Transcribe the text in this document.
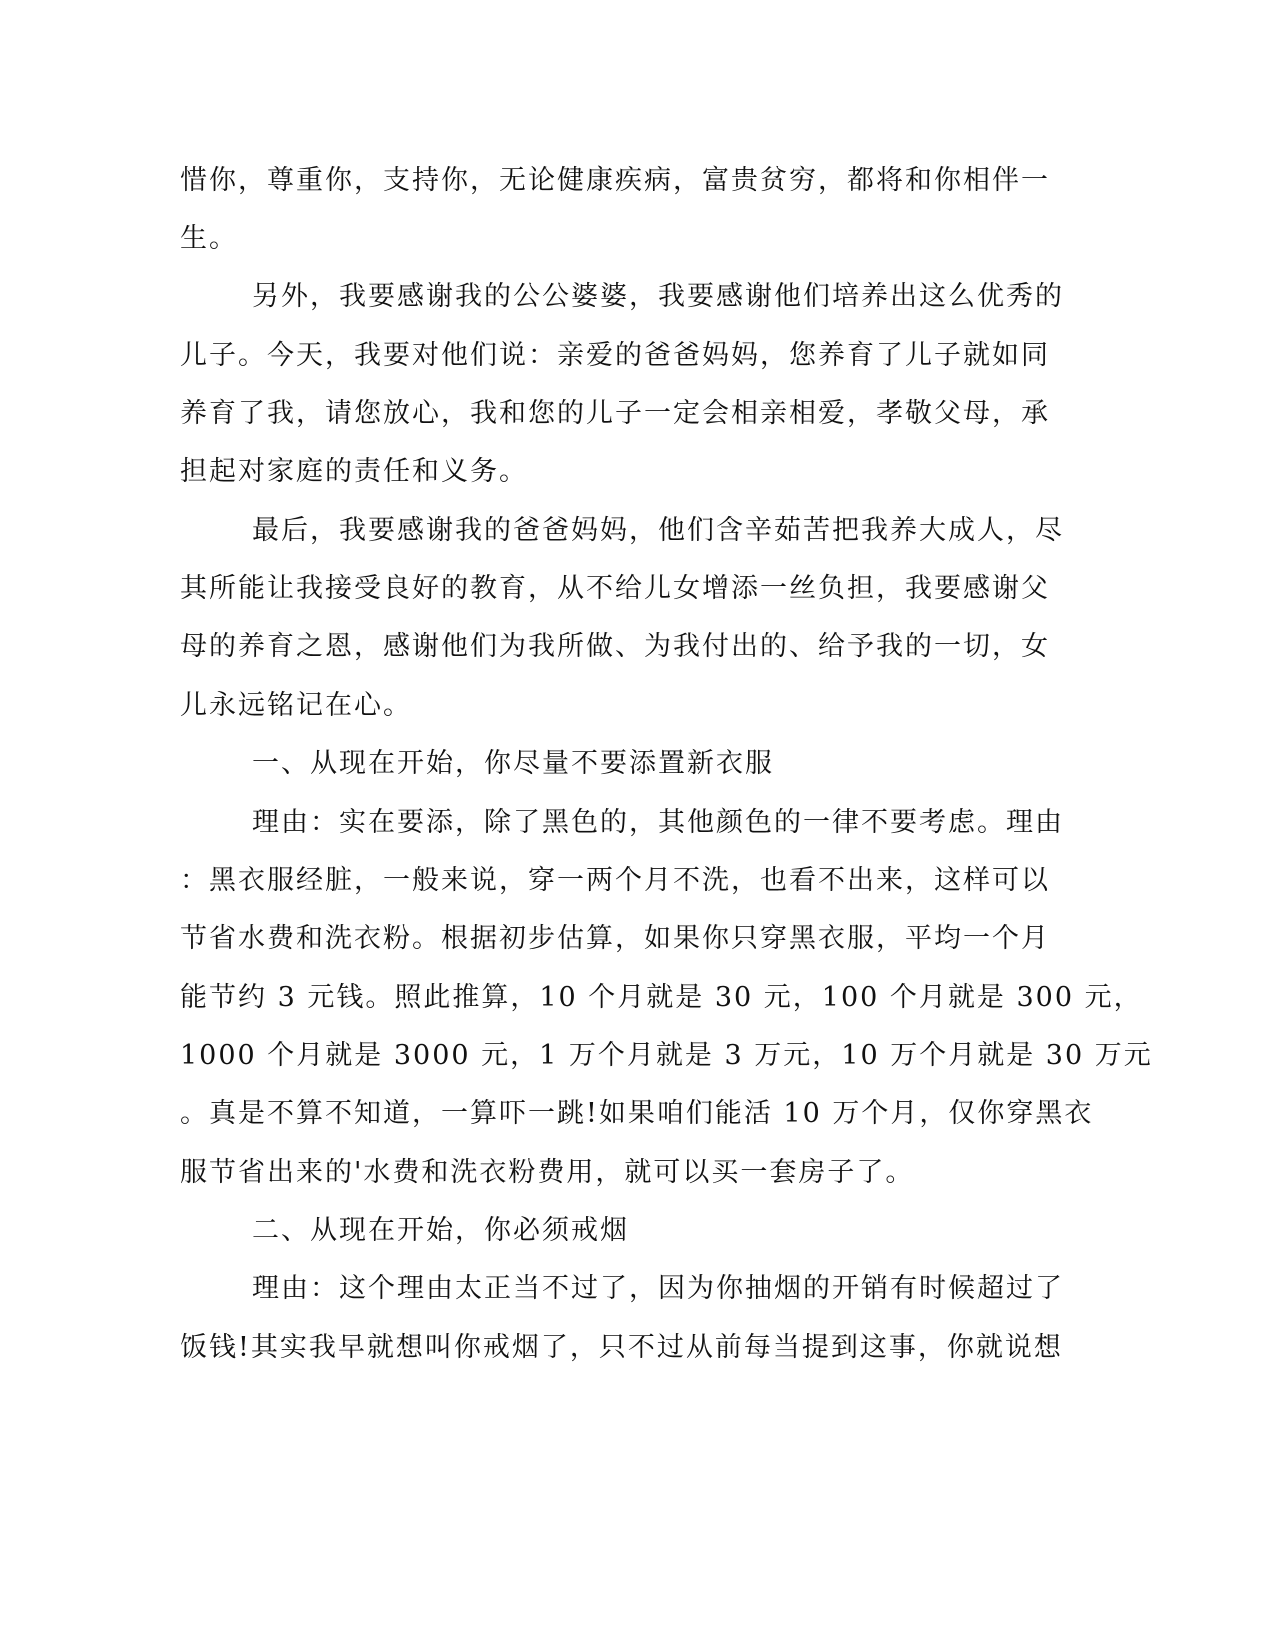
惜你，尊重你，支持你，无论健康疾病，富贵贫穷，都将和你相伴一

生。

另外，我要感谢我的公公婆婆，我要感谢他们培养出这么优秀的

儿子。今天，我要对他们说：亲爱的爸爸妈妈，您养育了儿子就如同

养育了我，请您放心，我和您的儿子一定会相亲相爱，孝敬父母，承

担起对家庭的责任和义务。

最后，我要感谢我的爸爸妈妈，他们含辛茹苦把我养大成人，尽

其所能让我接受良好的教育，从不给儿女增添一丝负担，我要感谢父

母的养育之恩，感谢他们为我所做、为我付出的、给予我的一切，女

儿永远铭记在心。

一、从现在开始，你尽量不要添置新衣服

理由：实在要添，除了黑色的，其他颜色的一律不要考虑。理由

：黑衣服经脏，一般来说，穿一两个月不洗，也看不出来，这样可以

节省水费和洗衣粉。根据初步估算，如果你只穿黑衣服，平均一个月

能节约 3 元钱。照此推算，10 个月就是 30 元，100 个月就是 300 元，

1000 个月就是 3000 元，1 万个月就是 3 万元，10 万个月就是 30 万元

。真是不算不知道，一算吓一跳!如果咱们能活 10 万个月，仅你穿黑衣

服节省出来的'水费和洗衣粉费用，就可以买一套房子了。

二、从现在开始，你必须戒烟

理由：这个理由太正当不过了，因为你抽烟的开销有时候超过了

饭钱!其实我早就想叫你戒烟了，只不过从前每当提到这事，你就说想
